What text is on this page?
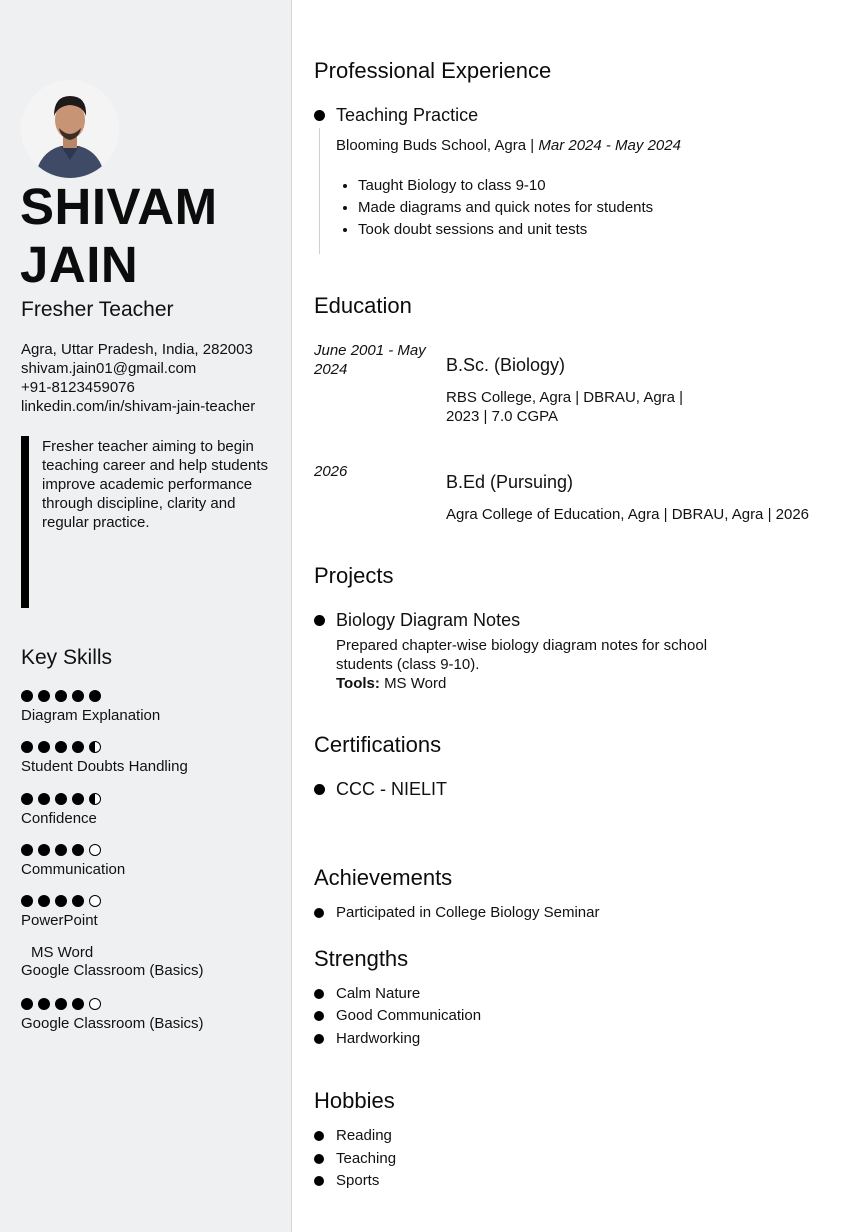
SHIVAM
JAIN
Fresher Teacher
Agra, Uttar Pradesh, India, 282003
shivam.jain01@gmail.com
+91-8123459076
linkedin.com/in/shivam-jain-teacher
Fresher teacher aiming to begin teaching career and help students improve academic performance through discipline, clarity and regular practice.
Key Skills
Diagram Explanation
Student Doubts Handling
Confidence
Communication
PowerPoint
MS Word
Google Classroom (Basics)
Google Classroom (Basics)
Professional Experience
Teaching Practice
Blooming Buds School, Agra | Mar 2024 - May 2024
• Taught Biology to class 9-10
• Made diagrams and quick notes for students
• Took doubt sessions and unit tests
Education
June 2001 - May 2024	B.Sc. (Biology)
RBS College, Agra | DBRAU, Agra | 2023 | 7.0 CGPA
2026
B.Ed (Pursuing)
Agra College of Education, Agra | DBRAU, Agra | 2026
Projects
Biology Diagram Notes
Prepared chapter-wise biology diagram notes for school students (class 9-10).
Tools: MS Word
Certifications
CCC - NIELIT
Achievements
Participated in College Biology Seminar
Strengths
Calm Nature
Good Communication
Hardworking
Hobbies
Reading
Teaching
Sports
